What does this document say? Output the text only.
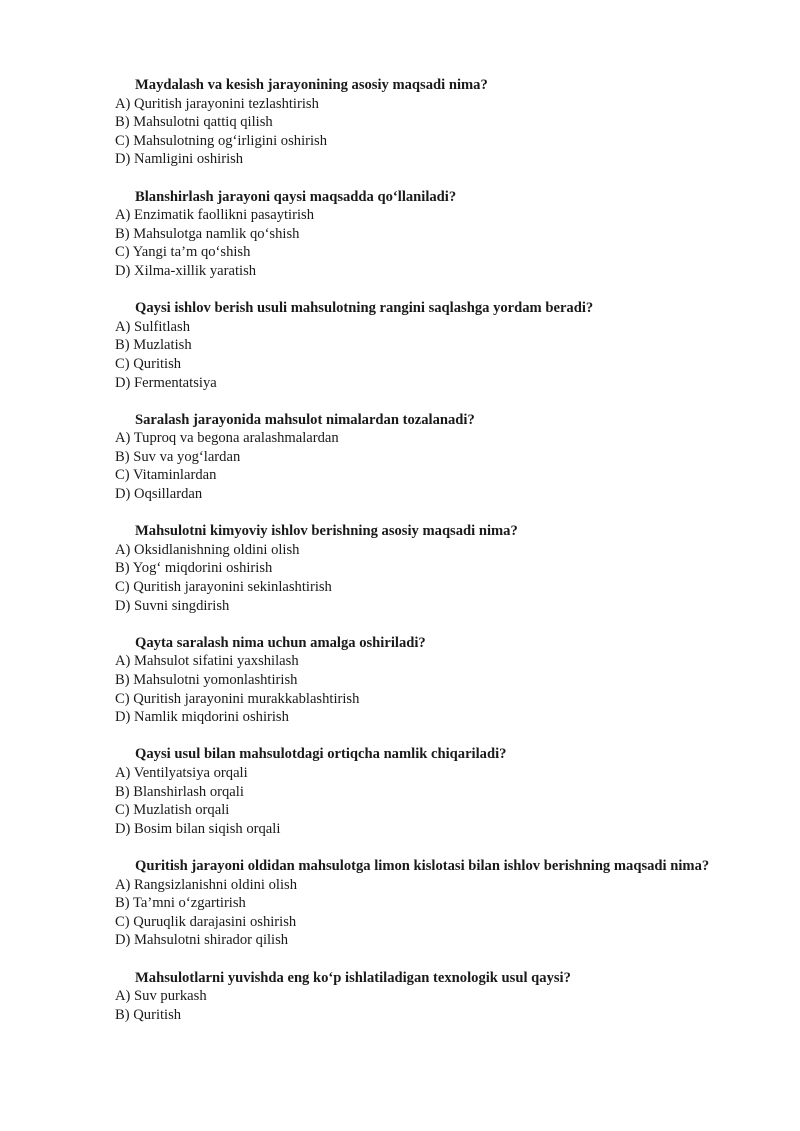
Maydalash va kesish jarayonining asosiy maqsadi nima?

A) Quritish jarayonini tezlashtirish

B) Mahsulotni qattiq qilish

C) Mahsulotning og‘irligini oshirish

D) Namligini oshirish

Blanshirlash jarayoni qaysi maqsadda qo‘llaniladi?

A) Enzimatik faollikni pasaytirish

B) Mahsulotga namlik qo‘shish

C) Yangi ta’m qo‘shish

D) Xilma-xillik yaratish

Qaysi ishlov berish usuli mahsulotning rangini saqlashga yordam beradi?

A) Sulfitlash

B) Muzlatish

C) Quritish

D) Fermentatsiya

Saralash jarayonida mahsulot nimalardan tozalanadi?

A) Tuproq va begona aralashmalardan

B) Suv va yog‘lardan

C) Vitaminlardan

D) Oqsillardan

Mahsulotni kimyoviy ishlov berishning asosiy maqsadi nima?

A) Oksidlanishning oldini olish

B) Yog‘ miqdorini oshirish

C) Quritish jarayonini sekinlashtirish

D) Suvni singdirish

Qayta saralash nima uchun amalga oshiriladi?

A) Mahsulot sifatini yaxshilash

B) Mahsulotni yomonlashtirish

C) Quritish jarayonini murakkablashtirish

D) Namlik miqdorini oshirish

Qaysi usul bilan mahsulotdagi ortiqcha namlik chiqariladi?

A) Ventilyatsiya orqali

B) Blanshirlash orqali

C) Muzlatish orqali

D) Bosim bilan siqish orqali

Quritish jarayoni oldidan mahsulotga limon kislotasi bilan ishlov berishning maqsadi nima?

A) Rangsizlanishni oldini olish

B) Ta’mni o‘zgartirish

C) Quruqlik darajasini oshirish

D) Mahsulotni shirador qilish

Mahsulotlarni yuvishda eng ko‘p ishlatiladigan texnologik usul qaysi?

A) Suv purkash

B) Quritish
